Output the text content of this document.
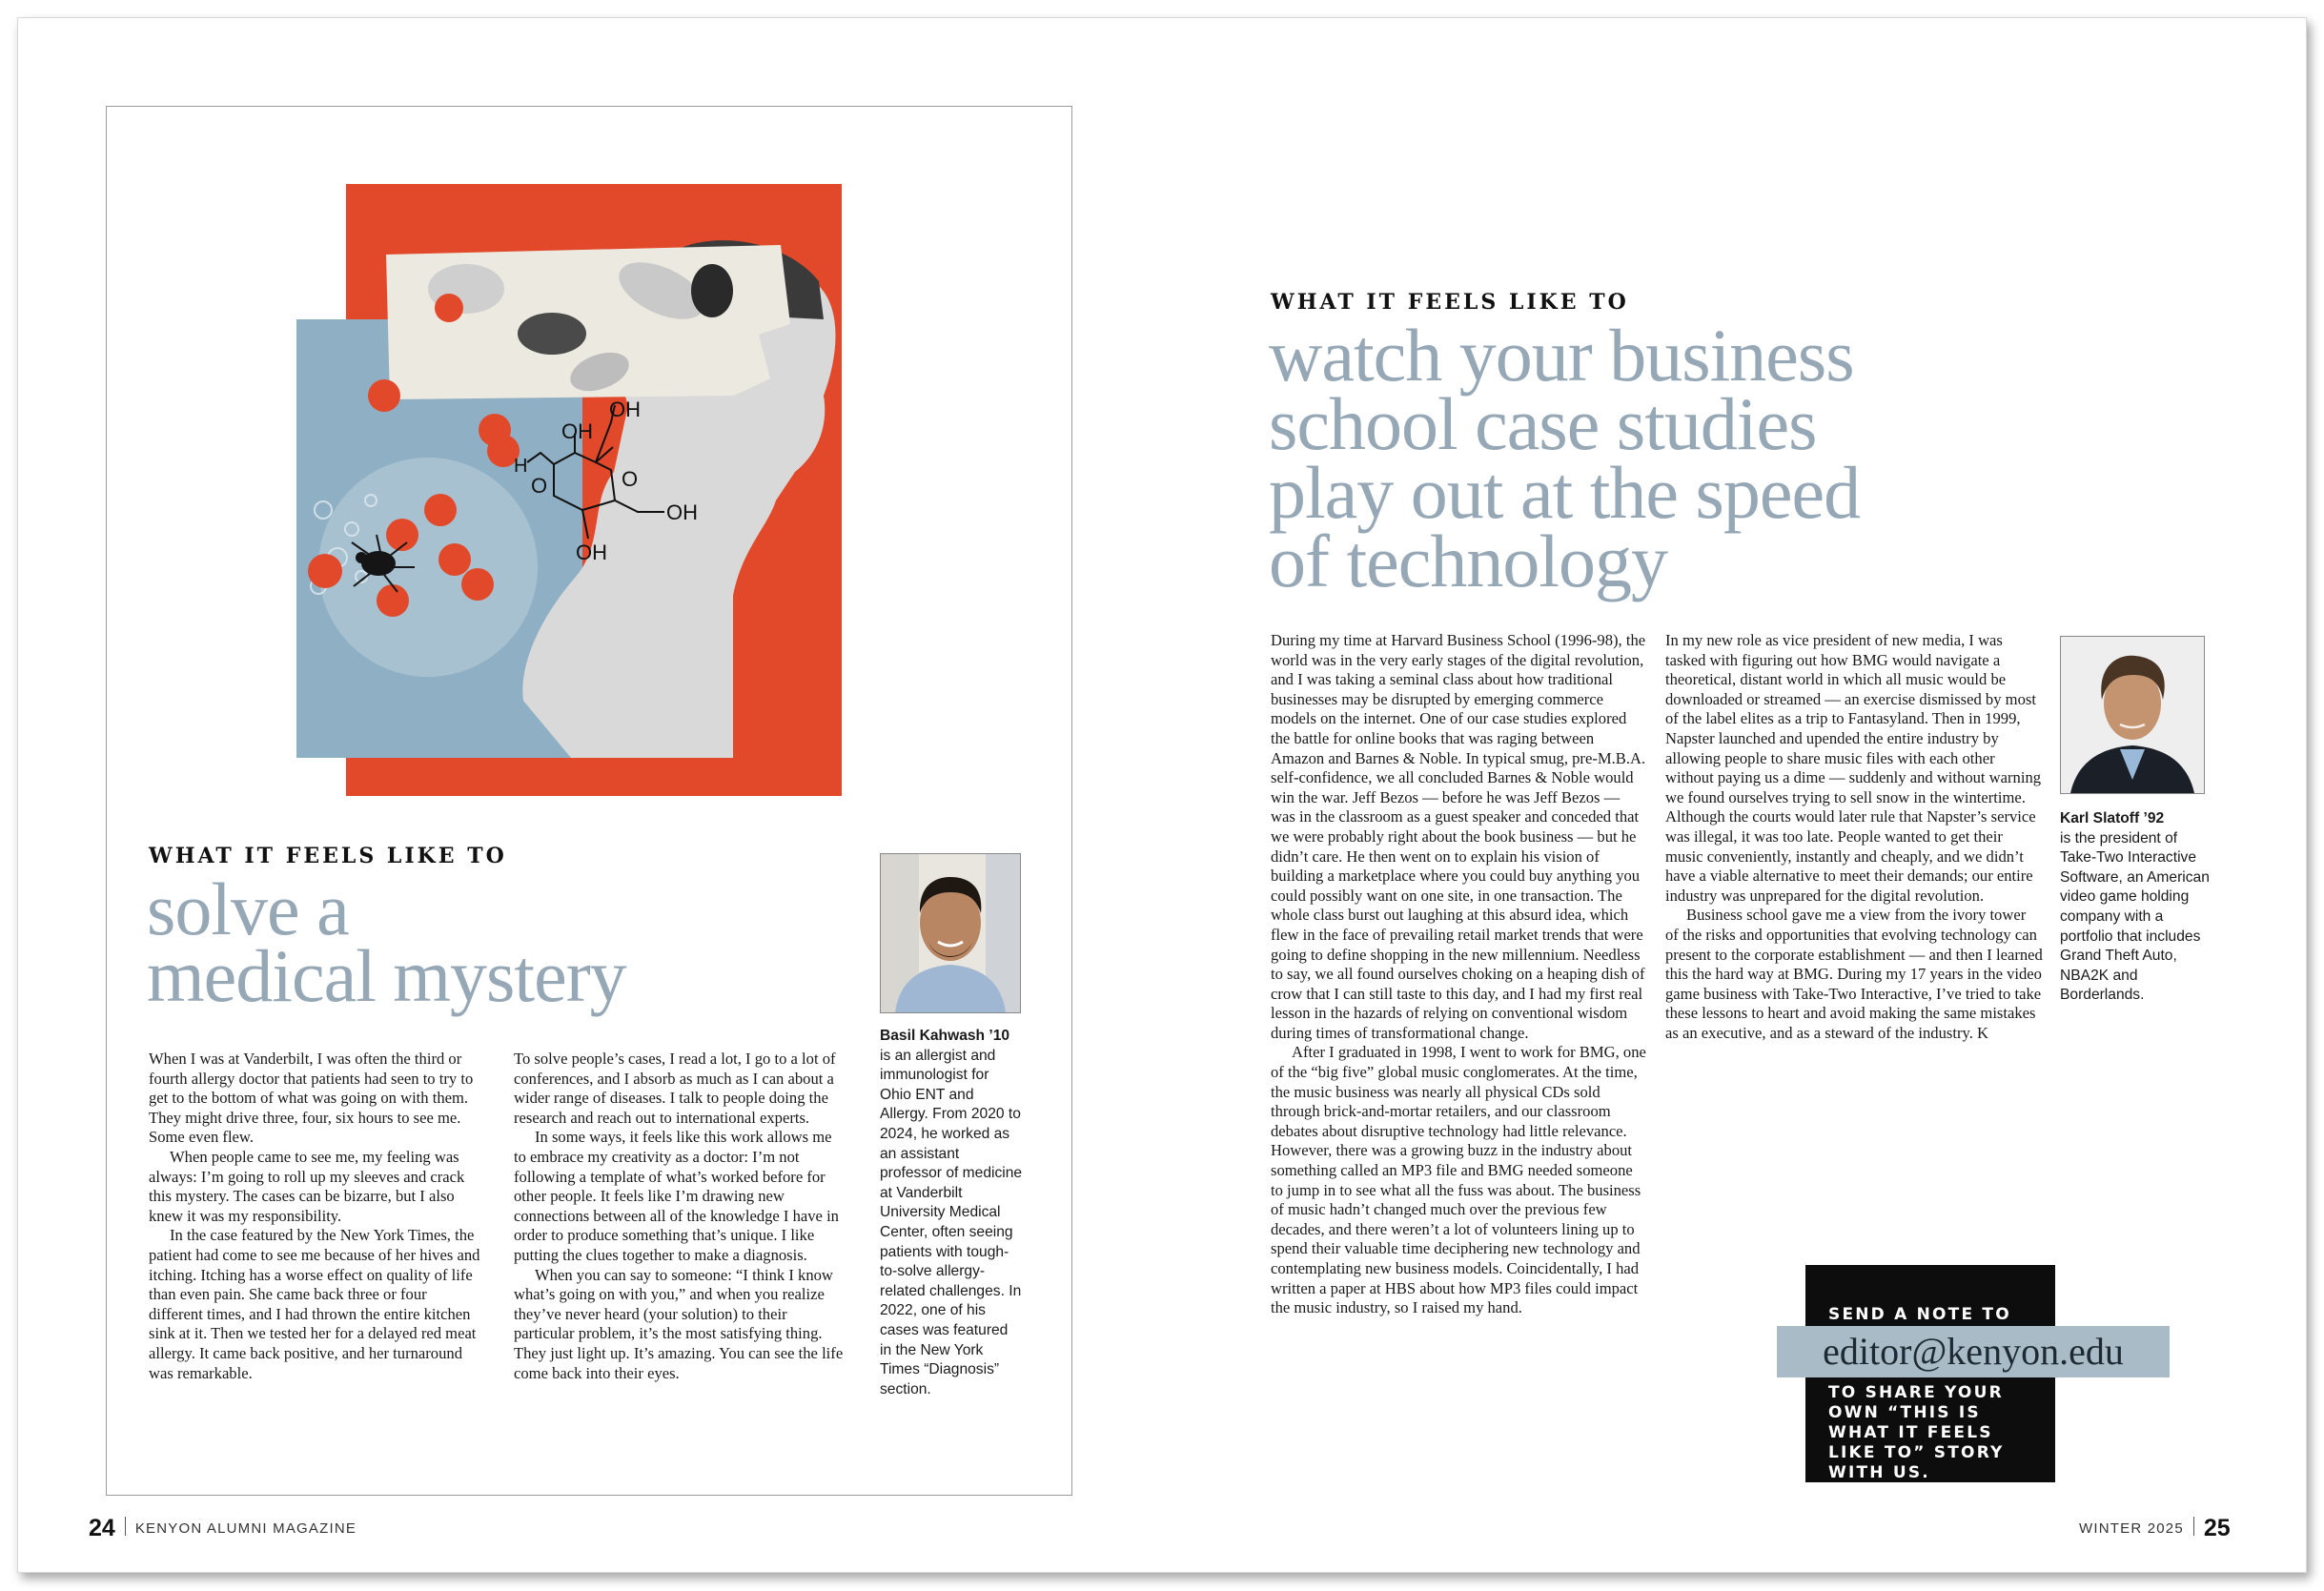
OH
OH
OH
OH
O
H
O
WHAT IT FEELS LIKE TO
solve a
medical mystery

When I was at Vanderbilt, I was often the third or fourth allergy doctor that patients had seen to try to get to the bottom of what was going on with them. They might drive three, four, six hours to see me. Some even flew.

When people came to see me, my feeling was always: I’m going to roll up my sleeves and crack this mystery. The cases can be bizarre, but I also knew it was my responsibility.

In the case featured by the New York Times, the patient had come to see me because of her hives and itching. Itching has a worse effect on quality of life than even pain. She came back three or four different times, and I had thrown the entire kitchen sink at it. Then we tested her for a delayed red meat allergy. It came back positive, and her turnaround was remarkable.

To solve people’s cases, I read a lot, I go to a lot of conferences, and I absorb as much as I can about a wider range of diseases. I talk to people doing the research and reach out to international experts.

In some ways, it feels like this work allows me to embrace my creativity as a doctor: I’m not following a template of what’s worked before for other people. It feels like I’m drawing new connections between all of the knowledge I have in order to produce something that’s unique. I like putting the clues together to make a diagnosis.

When you can say to someone: “I think I know what’s going on with you,” and when you realize they’ve never heard (your solution) to their particular problem, it’s the most satisfying thing. They just light up. It’s amazing. You can see the life come back into their eyes.

Basil Kahwash ’10
is an allergist and immunologist for Ohio ENT and Allergy. From 2020 to 2024, he worked as an assistant professor of medicine at Vanderbilt University Medical Center, often seeing patients with tough-to-solve allergy-related challenges. In 2022, one of his cases was featured in the New York Times “Diagnosis” section.
24 KENYON ALUMNI MAGAZINE
WHAT IT FEELS LIKE TO
watch your business
school case studies
play out at the speed
of technology

During my time at Harvard Business School (1996-98), the world was in the very early stages of the digital revolution, and I was taking a seminal class about how traditional businesses may be disrupted by emerging commerce models on the internet. One of our case studies explored the battle for online books that was raging between Amazon and Barnes & Noble. In typical smug, pre-M.B.A. self-confidence, we all concluded Barnes & Noble would win the war. Jeff Bezos — before he was Jeff Bezos — was in the classroom as a guest speaker and conceded that we were probably right about the book business — but he didn’t care. He then went on to explain his vision of building a marketplace where you could buy anything you could possibly want on one site, in one transaction. The whole class burst out laughing at this absurd idea, which flew in the face of prevailing retail market trends that were going to define shopping in the new millennium. Needless to say, we all found ourselves choking on a heaping dish of crow that I can still taste to this day, and I had my first real lesson in the hazards of relying on conventional wisdom during times of transformational change.

After I graduated in 1998, I went to work for BMG, one of the “big five” global music conglomerates. At the time, the music business was nearly all physical CDs sold through brick-and-mortar retailers, and our classroom debates about disruptive technology had little relevance. However, there was a growing buzz in the industry about something called an MP3 file and BMG needed someone to jump in to see what all the fuss was about. The business of music hadn’t changed much over the previous few decades, and there weren’t a lot of volunteers lining up to spend their valuable time deciphering new technology and contemplating new business models. Coincidentally, I had written a paper at HBS about how MP3 files could impact the music industry, so I raised my hand.

In my new role as vice president of new media, I was tasked with figuring out how BMG would navigate a theoretical, distant world in which all music would be downloaded or streamed — an exercise dismissed by most of the label elites as a trip to Fantasyland. Then in 1999, Napster launched and upended the entire industry by allowing people to share music files with each other without paying us a dime — suddenly and without warning we found ourselves trying to sell snow in the wintertime. Although the courts would later rule that Napster’s service was illegal, it was too late. People wanted to get their music conveniently, instantly and cheaply, and we didn’t have a viable alternative to meet their demands; our entire industry was unprepared for the digital revolution.

Business school gave me a view from the ivory tower of the risks and opportunities that evolving technology can present to the corporate establishment — and then I learned this the hard way at BMG. During my 17 years in the video game business with Take-Two Interactive, I’ve tried to take these lessons to heart and avoid making the same mistakes as an executive, and as a steward of the industry. K

Karl Slatoff ’92
is the president of Take-Two Interactive Software, an American video game holding company with a portfolio that includes Grand Theft Auto, NBA2K and Borderlands.
SEND A NOTE TO
editor@kenyon.edu
TO SHARE YOUR OWN “THIS IS WHAT IT FEELS LIKE TO” STORY WITH US.
WINTER 2025 25
